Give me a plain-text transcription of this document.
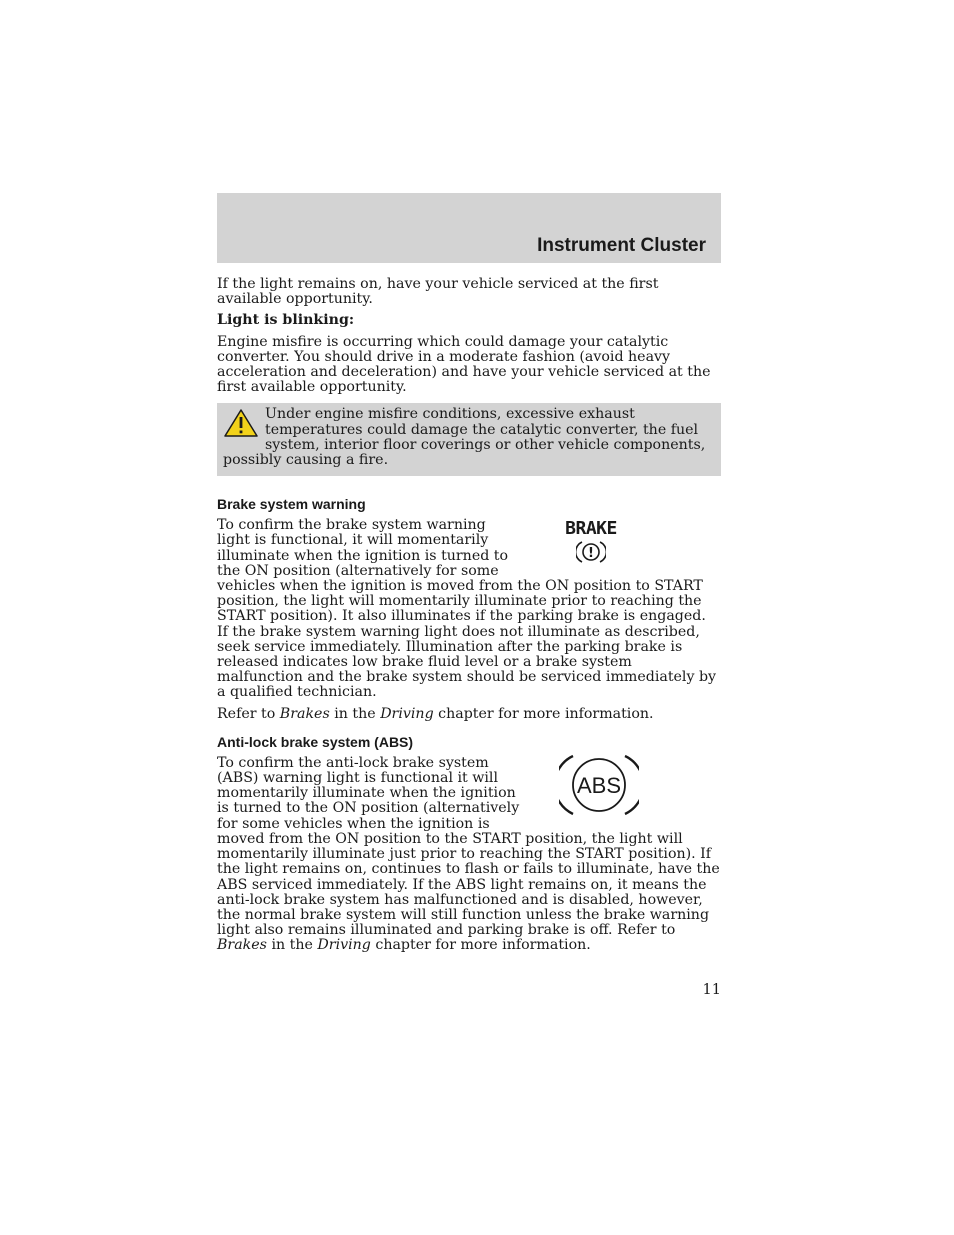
Instrument Cluster

If the light remains on, have your vehicle serviced at the first available opportunity.

Light is blinking:

Engine misfire is occurring which could damage your catalytic converter. You should drive in a moderate fashion (avoid heavy acceleration and deceleration) and have your vehicle serviced at the first available opportunity.

Under engine misfire conditions, excessive exhaust temperatures could damage the catalytic converter, the fuel system, interior floor coverings or other vehicle components, possibly causing a fire.

Brake system warning
BRAKE
!

To confirm the brake system warning light is functional, it will momentarily illuminate when the ignition is turned to the ON position (alternatively for some vehicles when the ignition is moved from the ON position to START position, the light will momentarily illuminate prior to reaching the START position). It also illuminates if the parking brake is engaged. If the brake system warning light does not illuminate as described, seek service immediately. Illumination after the parking brake is released indicates low brake fluid level or a brake system malfunction and the brake system should be serviced immediately by a qualified technician.

Refer to Brakes in the Driving chapter for more information.

Anti-lock brake system (ABS)
ABS

To confirm the anti-lock brake system (ABS) warning light is functional it will momentarily illuminate when the ignition is turned to the ON position (alternatively for some vehicles when the ignition is moved from the ON position to the START position, the light will momentarily illuminate just prior to reaching the START position). If the light remains on, continues to flash or fails to illuminate, have the ABS serviced immediately. If the ABS light remains on, it means the anti-lock brake system has malfunctioned and is disabled, however, the normal brake system will still function unless the brake warning light also remains illuminated and parking brake is off. Refer to Brakes in the Driving chapter for more information.

11
